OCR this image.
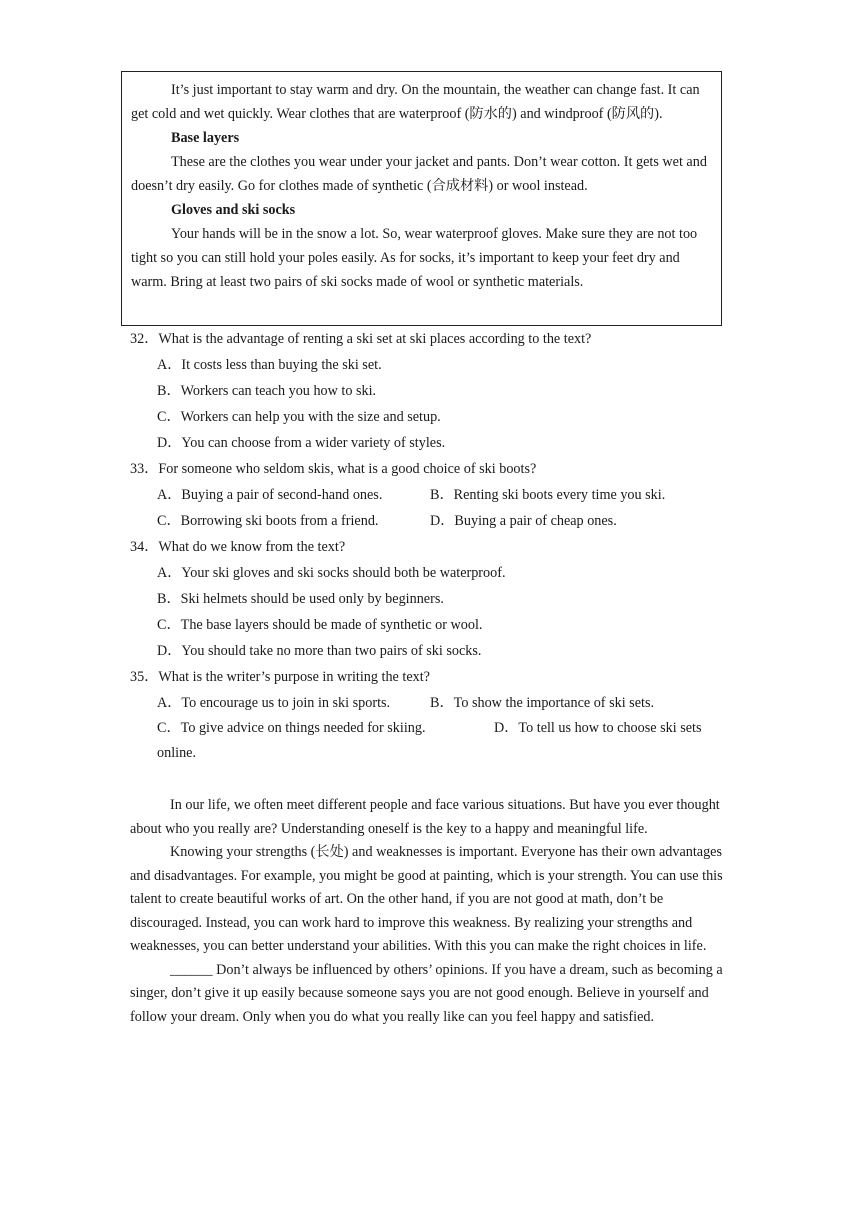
It’s just important to stay warm and dry. On the mountain, the weather can change fast. It can get cold and wet quickly. Wear clothes that are waterproof (防水的) and windproof (防风的).

Base layers

These are the clothes you wear under your jacket and pants. Don’t wear cotton. It gets wet and doesn’t dry easily. Go for clothes made of synthetic (合成材料) or wool instead.

Gloves and ski socks

Your hands will be in the snow a lot. So, wear waterproof gloves. Make sure they are not too tight so you can still hold your poles easily. As for socks, it’s important to keep your feet dry and warm. Bring at least two pairs of ski socks made of wool or synthetic materials.

32．What is the advantage of renting a ski set at ski places according to the text?

A．It costs less than buying the ski set.

B．Workers can teach you how to ski.

C．Workers can help you with the size and setup.

D．You can choose from a wider variety of styles.

33．For someone who seldom skis, what is a good choice of ski boots?

A．Buying a pair of second-hand ones.	B．Renting ski boots every time you ski.
C．Borrowing ski boots from a friend.	D．Buying a pair of cheap ones.

34．What do we know from the text?

A．Your ski gloves and ski socks should both be waterproof.

B．Ski helmets should be used only by beginners.

C．The base layers should be made of synthetic or wool.

D．You should take no more than two pairs of ski socks.

35．What is the writer’s purpose in writing the text?

A．To encourage us to join in ski sports.	B．To show the importance of ski sets.
C．To give advice on things needed for skiing.	D．To tell us how to choose ski sets online.

In our life, we often meet different people and face various situations. But have you ever thought about who you really are? Understanding oneself is the key to a happy and meaningful life.

Knowing your strengths (长处) and weaknesses is important. Everyone has their own advantages and disadvantages. For example, you might be good at painting, which is your strength. You can use this talent to create beautiful works of art. On the other hand, if you are not good at math, don’t be discouraged. Instead, you can work hard to improve this weakness. By realizing your strengths and weaknesses, you can better understand your abilities. With this you can make the right choices in life.

______ Don’t always be influenced by others’ opinions. If you have a dream, such as becoming a singer, don’t give it up easily because someone says you are not good enough. Believe in yourself and follow your dream. Only when you do what you really like can you feel happy and satisfied.
